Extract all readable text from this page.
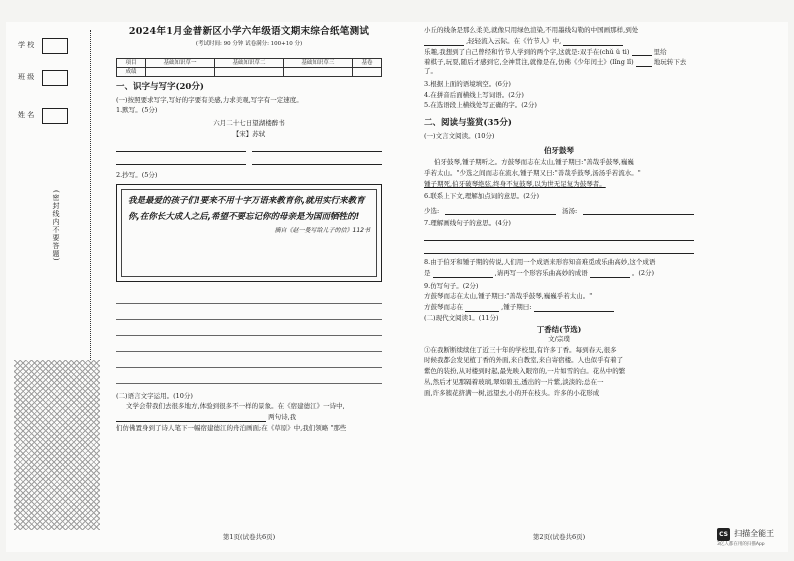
学 校
班 级
姓 名
(密封线内不要答题)
2024年1月金普新区小学六年级语文期末综合纸笔测试
(考试时间: 90 分钟 试卷满分: 100+10 分)
项目	基础知识草一	基础知识草二	基础知识草三	基卷
成绩				
一、识字与写字(20分)
(一)按照要求写字,写好的字要有美感,力求美观,写字有一定速度。
1.默写。(5分)
六月二十七日望湖楼醉书
【宋】苏轼
2.抄写。(5分)
我是最爱的孩子们!要来不用十字万语来教育你,就用实行来教育你,在你长大成人之后,希望不要忘记你的母亲是为国而牺牲的!
摘自《赵一曼写给儿子的信》112书
(二)语言文字运用。(10分)
文学会带我们去很多地方,体验到很多不一样的景象。在《宿建德江》一诗中,
两句诗,我
们仿佛置身到了诗人笔下一幅宿建德江的舟泊画面;在《草原》中,我们领略 "那些
第1页(试卷共6页)
小丘的线条是那么柔美,就像只用绿色渲染,不用墨线勾勒的中国画那样,到处
,轻轻流入云际。在《竹节人》中,
乐趣,我想到了自己曾经和竹节人学到的两个字,这就是:双手在(chǔ ǔ ti)	里给
着棋子,玩耍,随后才感到它,全神贯注,就像是在,仿佛《少年闰土》(lǐng lǐ)	地玩转下去了。
3.根据上面的语境填空。(6分)
4.在拼音后面横线上写词语。(2分)
5.在选语段上横线处写正确的字。(2分)
二、阅读与鉴赏(35分)
(一)文言文阅读。(10分)
伯牙鼓琴
伯牙鼓琴,锺子期听之。方鼓琴而志在太山,锺子期曰:"善哉乎鼓琴,巍巍
乎若太山。"少选之间而志在流水,锺子期又曰:"善哉乎鼓琴,汤汤乎若流水。"
锺子期死,伯牙破琴绝弦,终身不复鼓琴,以为世无足复为鼓琴者。
6.联系上下文,理解加点词的意思。(2分)
少选:	汤汤:
7.理解画线句子的意思。(4分)
8.由于伯牙和锺子期的传说,人们用一个成语来形容知音难觅或乐曲高妙,这个成语
是	,请再写一个形容乐曲高妙的成语	。(2分)
9.仿写句子。(2分)
方鼓琴而志在太山,锺子期曰:"善哉乎鼓琴,巍巍乎若太山。"
方鼓琴而志在	,锺子期曰:
(二)现代文阅读1。(11分)
丁香结(节选)
文/宗璞
①在我断断续续住了近三十年的学校里,有许多丁香。每到春天,很多
时候我都会发见植丁香的外面,来自教室,来自寄宿楼。人也似乎有着了
紫色的装扮,从对楼到时起,最先映入眼帘的,一片如雪的白。花丛中的繁
丛,然后才见那隔着玻璃,翠如碧玉,透出的一片紫,淡淡的;总在一
面,许多簇花挤满一树,远望去,小的开在枝头。许多的小花形成
第2页(试卷共6页)	CS 扫描全能王
3亿人都在用的扫描App
